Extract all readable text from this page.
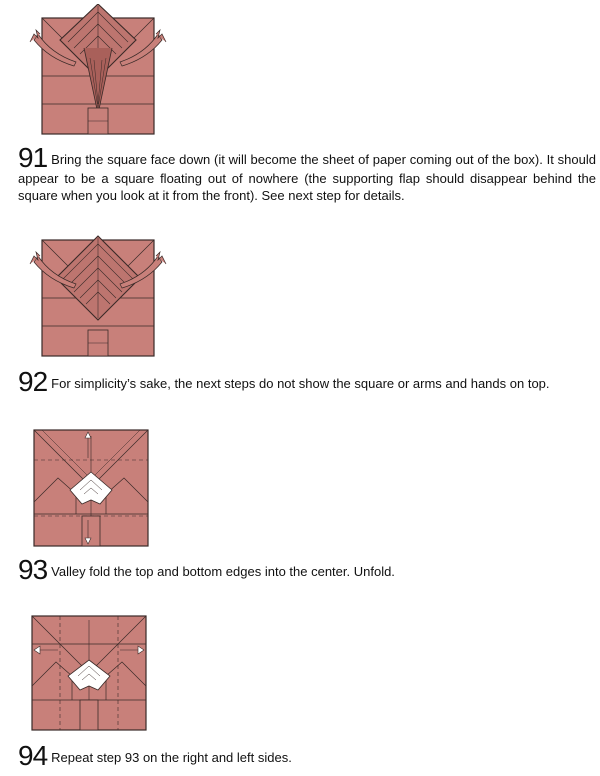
91 Bring the square face down (it will become the sheet of paper coming out of the box). It should appear to be a square floating out of nowhere (the supporting flap should disappear behind the square when you look at it from the front). See next step for details.
92 For simplicity’s sake, the next steps do not show the square or arms and hands on top.
93 Valley fold the top and bottom edges into the center. Unfold.
94 Repeat step 93 on the right and left sides.
